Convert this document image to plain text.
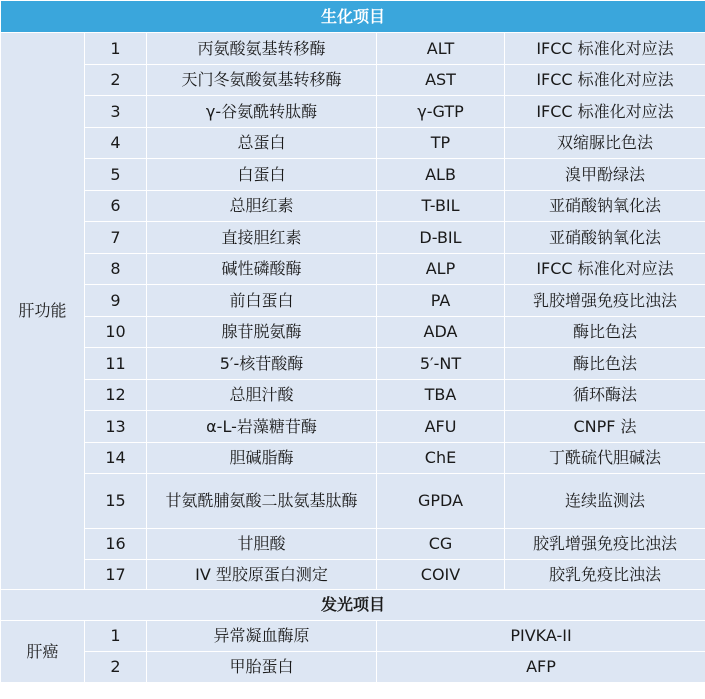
生化项目				
肝功能	1	丙氨酸氨基转移酶	ALT	IFCC 标准化对应法
	2	天门冬氨酸氨基转移酶	AST	IFCC 标准化对应法
	3	γ-谷氨酰转肽酶	γ-GTP	IFCC 标准化对应法
	4	总蛋白	TP	双缩脲比色法
	5	白蛋白	ALB	溴甲酚绿法
	6	总胆红素	T-BIL	亚硝酸钠氧化法
	7	直接胆红素	D-BIL	亚硝酸钠氧化法
	8	碱性磷酸酶	ALP	IFCC 标准化对应法
	9	前白蛋白	PA	乳胶增强免疫比浊法
	10	腺苷脱氨酶	ADA	酶比色法
	11	5′-核苷酸酶	5′-NT	酶比色法
	12	总胆汁酸	TBA	循环酶法
	13	α-L-岩藻糖苷酶	AFU	CNPF 法
	14	胆碱脂酶	ChE	丁酰硫代胆碱法
	15	甘氨酰脯氨酸二肽氨基肽酶	GPDA	连续监测法
	16	甘胆酸	CG	胶乳增强免疫比浊法
	17	IV 型胶原蛋白测定	COIV	胶乳免疫比浊法
发光项目				
肝癌	1	异常凝血酶原	PIVKA-II	
	2	甲胎蛋白	AFP	
